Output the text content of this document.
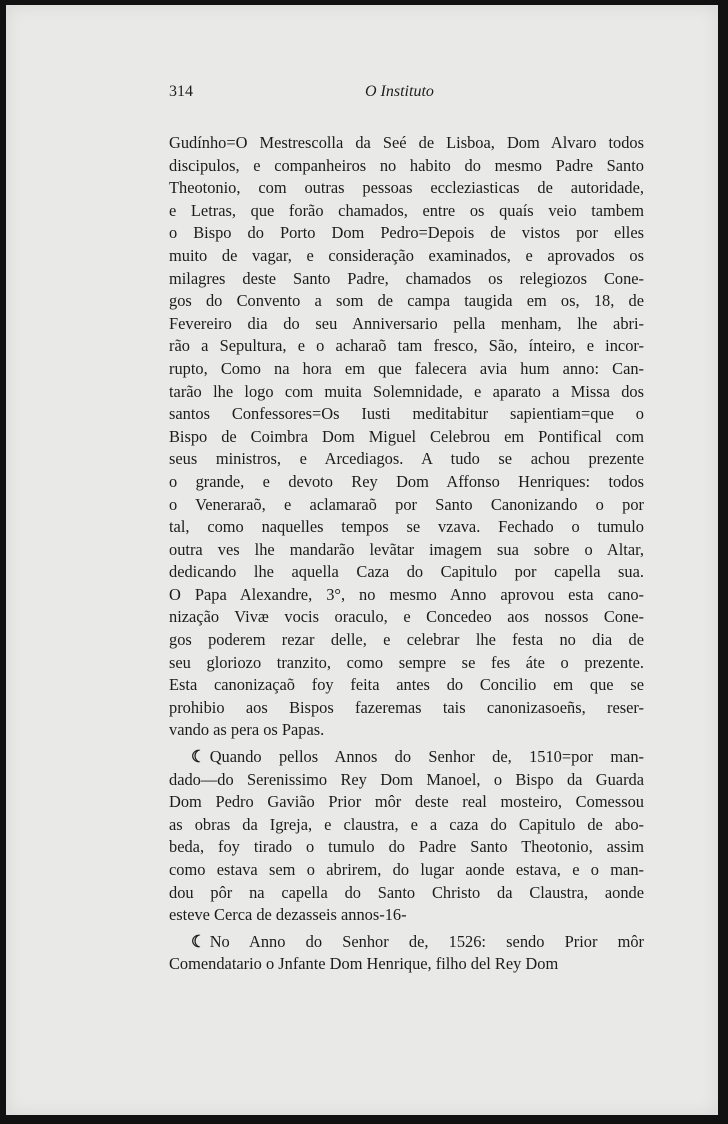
314	O Instituto
Gudínho=O Mestrescolla da Seé de Lisboa, Dom Alvaro todos
discipulos, e companheiros no habito do mesmo Padre Santo
Theotonio, com outras pessoas eccleziasticas de autoridade,
e Letras, que forão chamados, entre os quaís veio tambem
o Bispo do Porto Dom Pedro=Depois de vistos por elles
muito de vagar, e consideração examinados, e aprovados os
milagres deste Santo Padre, chamados os relegiozos Cone-
gos do Convento a som de campa taugida em os, 18, de
Fevereiro dia do seu Anniversario pella menham, lhe abri-
rão a Sepultura, e o acharaõ tam fresco, São, ínteiro, e incor-
rupto, Como na hora em que falecera avia hum anno: Can-
tarão lhe logo com muita Solemnidade, e aparato a Missa dos
santos Confessores=Os Iusti meditabitur sapientiam=que o
Bispo de Coimbra Dom Miguel Celebrou em Pontifical com
seus ministros, e Arcediagos. A tudo se achou prezente
o grande, e devoto Rey Dom Affonso Henriques: todos
o Veneraraõ, e aclamaraõ por Santo Canonizando o por
tal, como naquelles tempos se vzava. Fechado o tumulo
outra ves lhe mandarão levãtar imagem sua sobre o Altar,
dedicando lhe aquella Caza do Capitulo por capella sua.
O Papa Alexandre, 3°, no mesmo Anno aprovou esta cano-
nização Vivæ vocis oraculo, e Concedeo aos nossos Cone-
gos poderem rezar delle, e celebrar lhe festa no dia de
seu gloriozo tranzito, como sempre se fes áte o prezente.
Esta canonizaçaõ foy feita antes do Concilio em que se
prohibio aos Bispos fazeremas tais canonizasoeñs, reser-
vando as pera os Papas.
☾ Quando pellos Annos do Senhor de, 1510=por man-
dado—do Serenissimo Rey Dom Manoel, o Bispo da Guarda
Dom Pedro Gavião Prior môr deste real mosteiro, Comessou
as obras da Igreja, e claustra, e a caza do Capitulo de abo-
beda, foy tirado o tumulo do Padre Santo Theotonio, assim
como estava sem o abrirem, do lugar aonde estava, e o man-
dou pôr na capella do Santo Christo da Claustra, aonde
esteve Cerca de dezasseis annos-16-
☾ No Anno do Senhor de, 1526: sendo Prior môr
Comendatario o Jnfante Dom Henrique, filho del Rey Dom
